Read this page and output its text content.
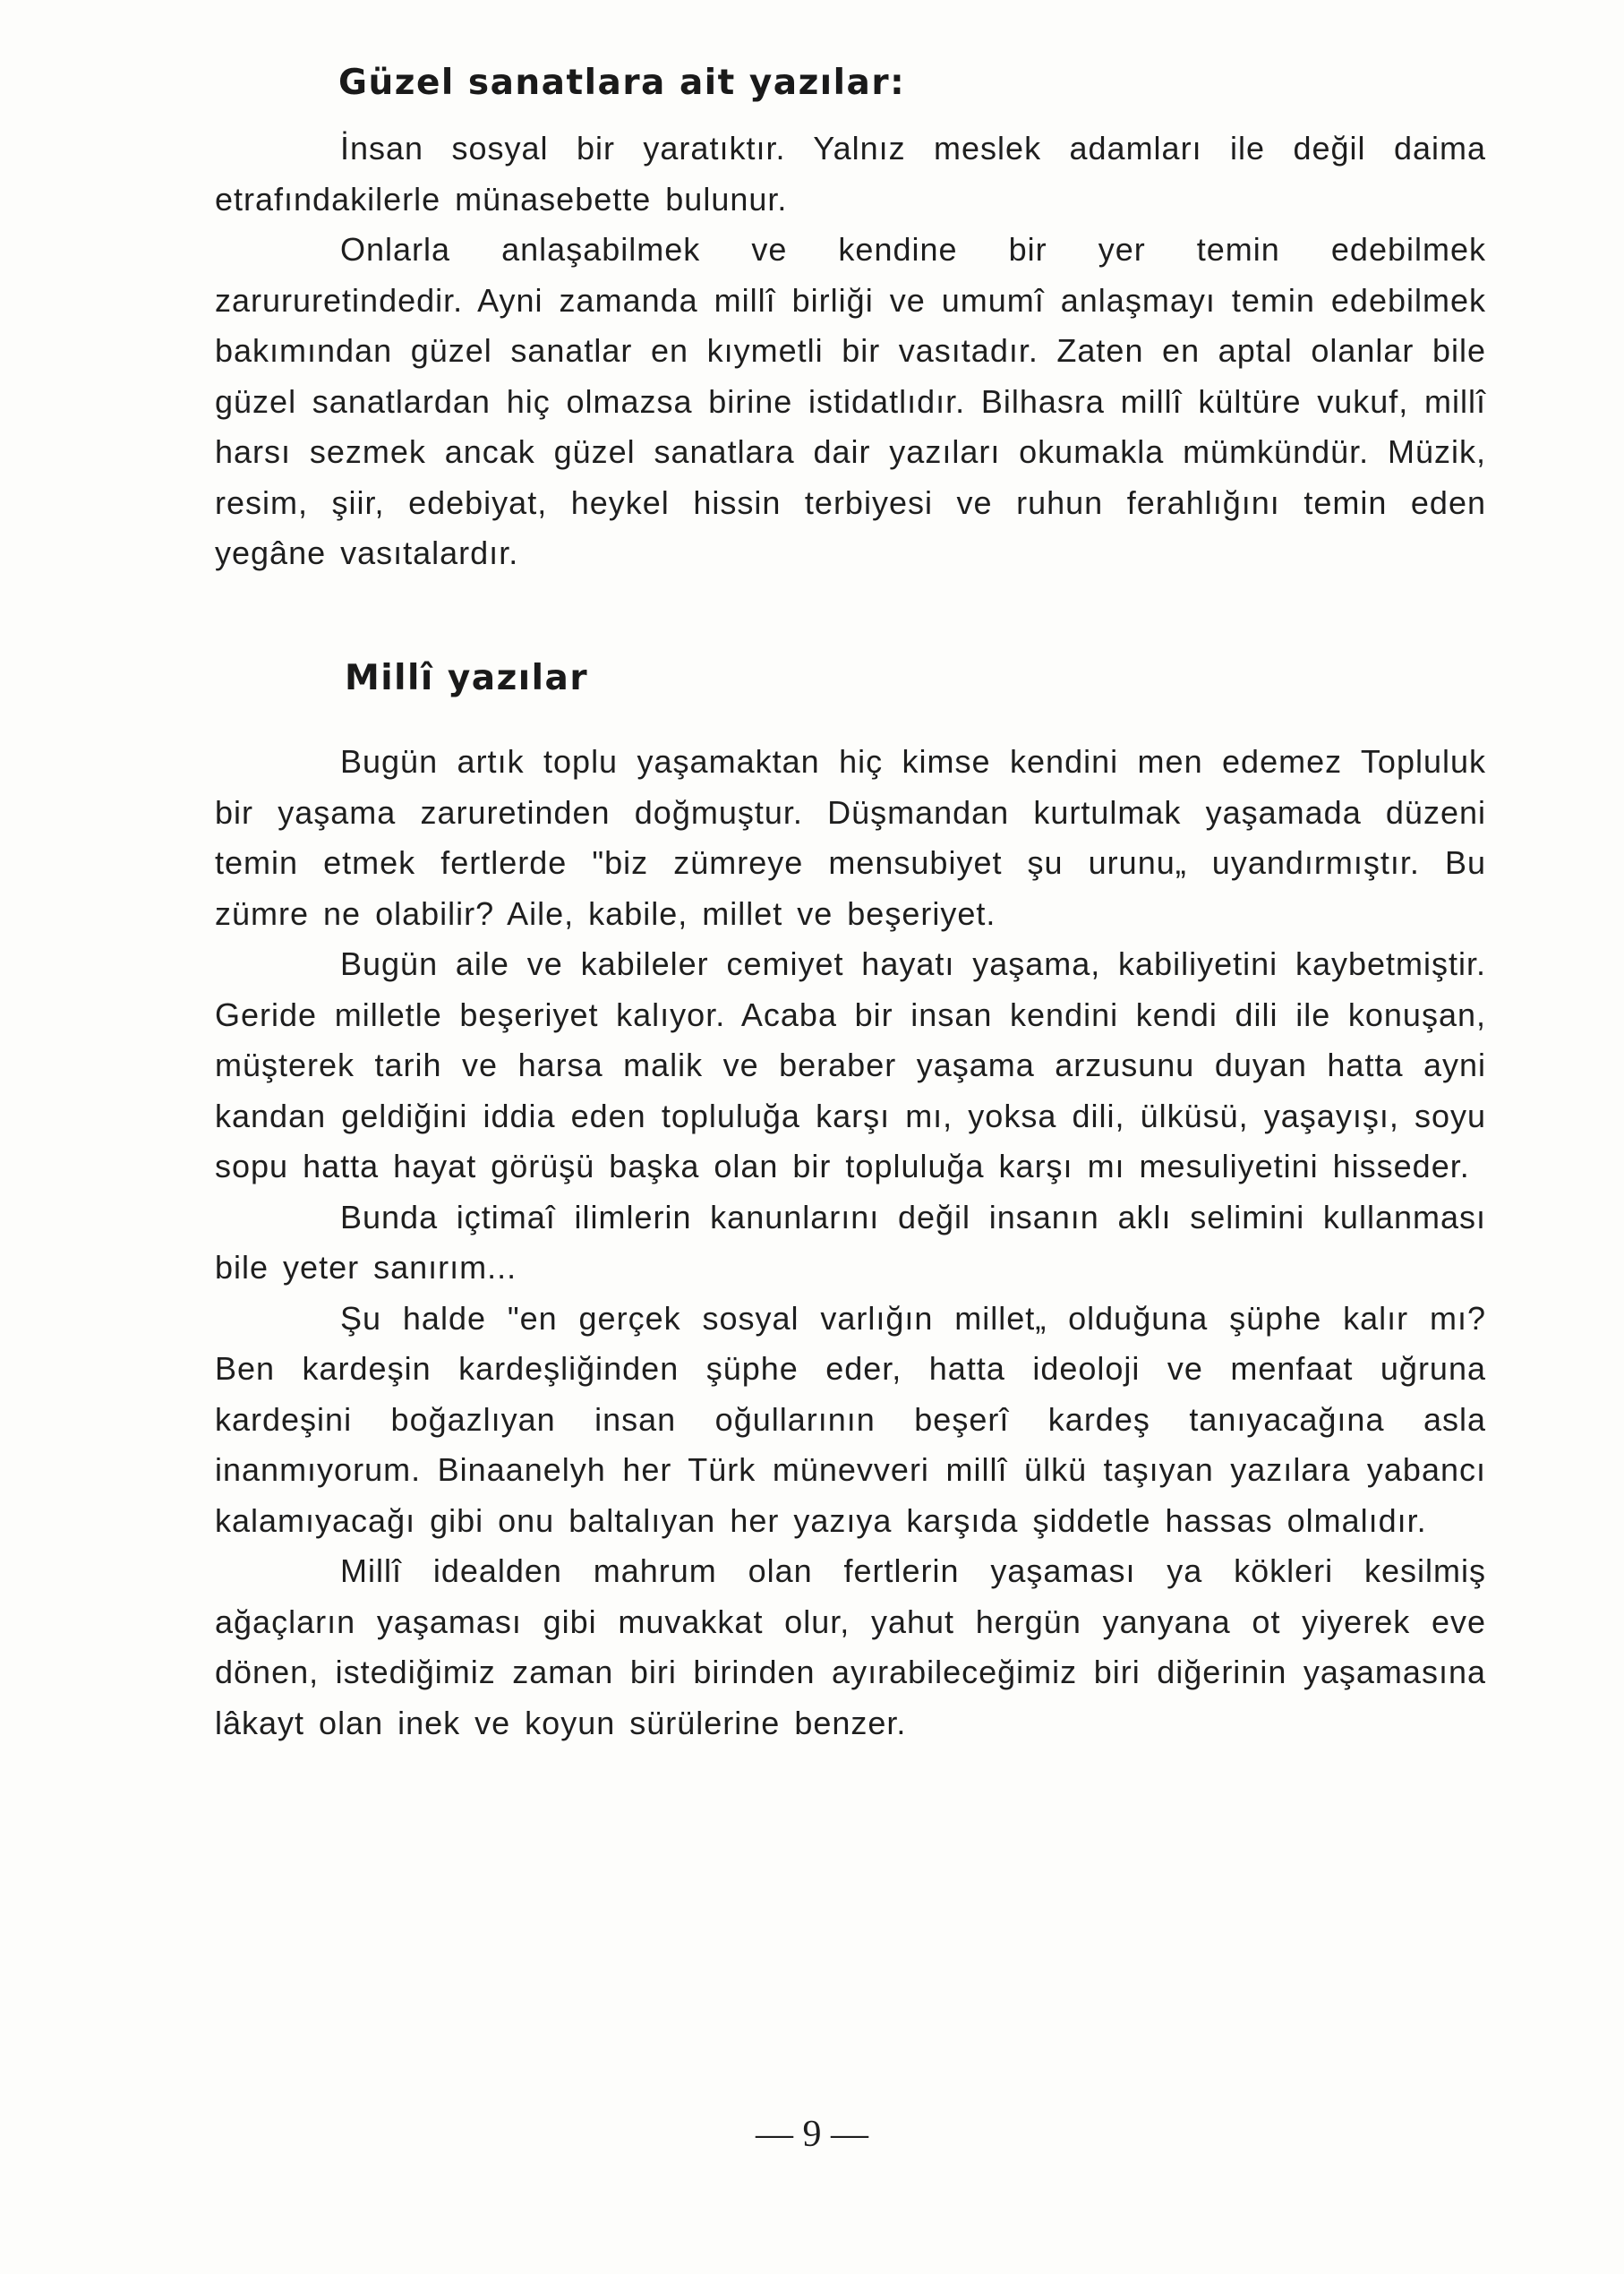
Güzel sanatlara ait yazılar:

İnsan sosyal bir yaratıktır. Yalnız meslek adamları ile değil daima etrafındakilerle münasebette bulunur.

Onlarla anlaşabilmek ve kendine bir yer temin edebilmek zarururetindedir. Ayni zamanda millî birliği ve umumî anlaşmayı temin edebilmek bakımından güzel sanatlar en kıymetli bir vasıtadır. Zaten en aptal olanlar bile güzel sanatlardan hiç olmazsa birine istidatlıdır. Bilhasra millî kültüre vukuf, millî harsı sezmek ancak güzel sanatlara dair yazıları okumakla mümkündür. Müzik, resim, şiir, edebiyat, heykel hissin terbiyesi ve ruhun ferahlığını temin eden yegâne vasıtalardır.

Millî yazılar

Bugün artık toplu yaşamaktan hiç kimse kendini men edemez Topluluk bir yaşama zaruretinden doğmuştur. Düşmandan kurtulmak yaşamada düzeni temin etmek fertlerde "biz zümreye mensubiyet şu urunu„ uyandırmıştır. Bu zümre ne olabilir? Aile, kabile, millet ve beşeriyet.

Bugün aile ve kabileler cemiyet hayatı yaşama, kabiliyetini kaybetmiştir. Geride milletle beşeriyet kalıyor. Acaba bir insan kendini kendi dili ile konuşan, müşterek tarih ve harsa malik ve beraber yaşama arzusunu duyan hatta ayni kandan geldiğini iddia eden topluluğa karşı mı, yoksa dili, ülküsü, yaşayışı, soyu sopu hatta hayat görüşü başka olan bir topluluğa karşı mı mesuliyetini hisseder.

Bunda içtimaî ilimlerin kanunlarını değil insanın aklı selimini kullanması bile yeter sanırım...

Şu halde "en gerçek sosyal varlığın millet„ olduğuna şüphe kalır mı? Ben kardeşin kardeşliğinden şüphe eder, hatta ideoloji ve menfaat uğruna kardeşini boğazlıyan insan oğullarının beşerî kardeş tanıyacağına asla inanmıyorum. Binaanelyh her Türk münevveri millî ülkü taşıyan yazılara yabancı kalamıyacağı gibi onu baltalıyan her yazıya karşıda şiddetle hassas olmalıdır.

Millî idealden mahrum olan fertlerin yaşaması ya kökleri kesilmiş ağaçların yaşaması gibi muvakkat olur, yahut hergün yanyana ot yiyerek eve dönen, istediğimiz zaman biri birinden ayırabileceğimiz biri diğerinin yaşamasına lâkayt olan inek ve koyun sürülerine benzer.

— 9 —
